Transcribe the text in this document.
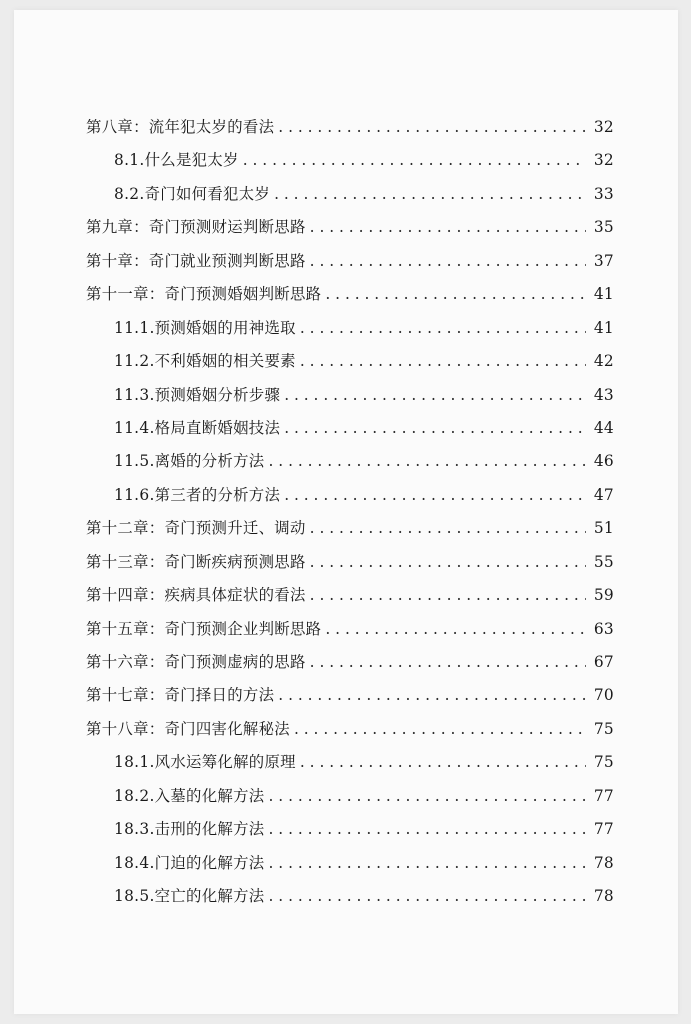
第八章：流年犯太岁的看法 . . .	32
8.1.什么是犯太岁 . . .	32
8.2.奇门如何看犯太岁 . . .	33
第九章：奇门预测财运判断思路 . . .	35
第十章：奇门就业预测判断思路 . . .	37
第十一章：奇门预测婚姻判断思路 . . .	41
11.1.预测婚姻的用神选取 . . .	41
11.2.不利婚姻的相关要素 . . .	42
11.3.预测婚姻分析步骤 . . .	43
11.4.格局直断婚姻技法 . . .	44
11.5.离婚的分析方法 . . .	46
11.6.第三者的分析方法 . . .	47
第十二章：奇门预测升迁、调动 . . .	51
第十三章：奇门断疾病预测思路 . . .	55
第十四章：疾病具体症状的看法 . . .	59
第十五章：奇门预测企业判断思路 . . .	63
第十六章：奇门预测虚病的思路 . . .	67
第十七章：奇门择日的方法 . . .	70
第十八章：奇门四害化解秘法 . . .	75
18.1.风水运筹化解的原理 . . .	75
18.2.入墓的化解方法 . . .	77
18.3.击刑的化解方法 . . .	77
18.4.门迫的化解方法 . . .	78
18.5.空亡的化解方法 . . .	78
